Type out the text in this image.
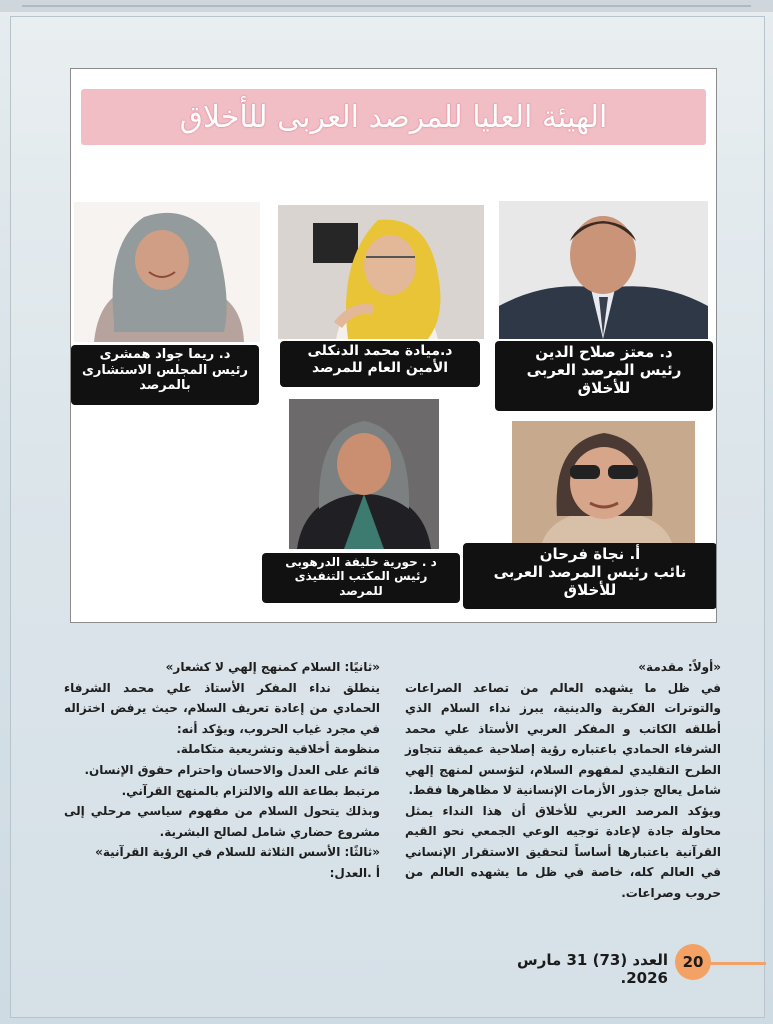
الهيئة العليا للمرصد العربى للأخلاق
د. معتز صلاح الدين
رئيس المرصد العربى
للأخلاق
د.ميادة محمد الدنكلى
الأمين العام للمرصد
د. ريما جواد همشرى
رئيس المجلس الاستشارى
بالمرصد
أ. نجاة فرحان
نائب رئيس المرصد العربى
للأخلاق
د . حورية خليفة الدرهوبى
رئيس المكتب التنفيذى
للمرصد

«أولاً: مقدمة»

في ظل ما يشهده العالم من تصاعد الصراعات والتوترات الفكرية والدينية، يبرز نداء السلام الذي أطلقه الكاتب و المفكر العربي الأستاذ علي محمد الشرفاء الحمادي باعتباره رؤية إصلاحية عميقة تتجاوز الطرح التقليدي لمفهوم السلام، لتؤسس لمنهج إلهي شامل يعالج جذور الأزمات الإنسانية لا مظاهرها فقط.

ويؤكد المرصد العربي للأخلاق أن هذا النداء يمثل محاولة جادة لإعادة توجيه الوعي الجمعي نحو القيم القرآنية باعتبارها أساساً لتحقيق الاستقرار الإنساني في العالم كله، خاصة في ظل ما يشهده العالم من حروب وصراعات.

«ثانيًا: السلام كمنهج إلهي لا كشعار»

ينطلق نداء المفكر الأستاذ علي محمد الشرفاء الحمادي من إعادة تعريف السلام، حيث يرفض اختزاله في مجرد غياب الحروب، ويؤكد أنه:

منظومة أخلاقية وتشريعية متكاملة.

قائم على العدل والاحسان واحترام حقوق الإنسان.

مرتبط بطاعة الله والالتزام بالمنهج القرآني.

وبذلك يتحول السلام من مفهوم سياسي مرحلي إلى مشروع حضاري شامل لصالح البشرية.

«ثالثًا: الأسس الثلاثة للسلام في الرؤية القرآنية»

أ .العدل:

20
العدد (73) 31 مارس 2026.
